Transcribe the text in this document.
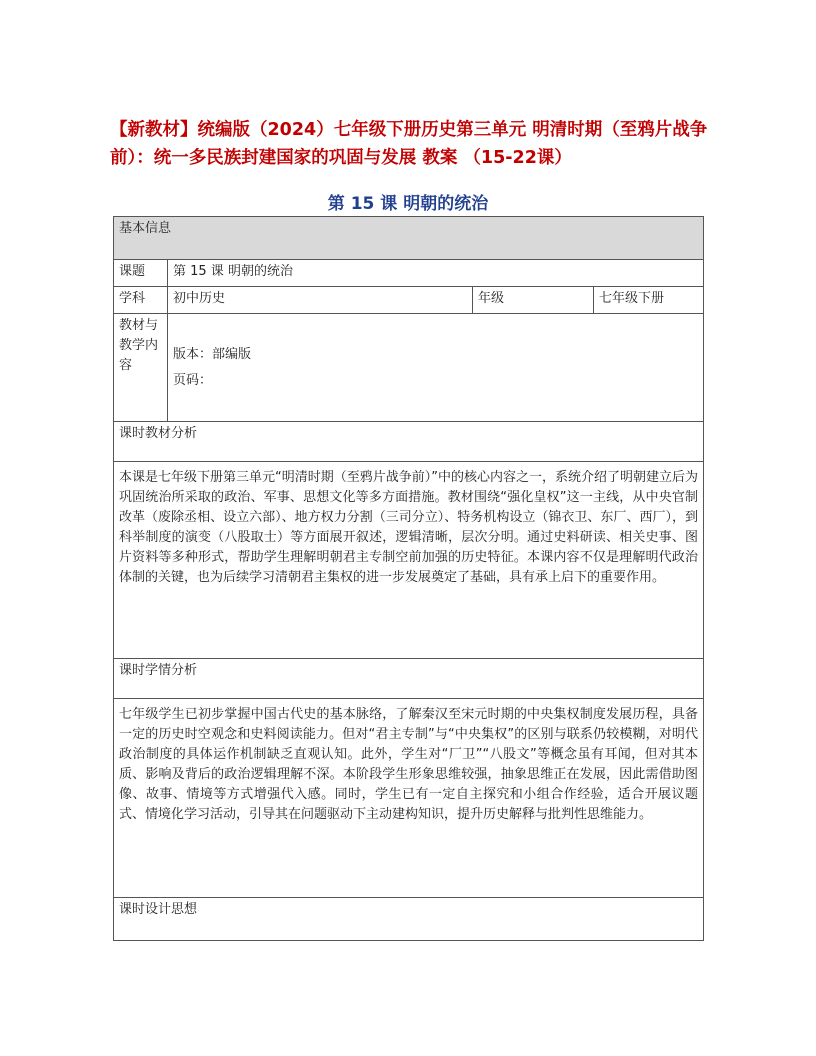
【新教材】统编版（2024）七年级下册历史第三单元 明清时期（至鸦片战争前）：统一多民族封建国家的巩固与发展 教案 （15-22课）
第 15 课 明朝的统治
基本信息			
课题	第 15 课 明朝的统治		
学科	初中历史	年级	七年级下册
教材与教学内容	版本：部编版
页码：		

课时教材分析			
本课是七年级下册第三单元“明清时期（至鸦片战争前）”中的核心内容之一，系统介绍了明朝建立后为巩固统治所采取的政治、军事、思想文化等多方面措施。教材围绕“强化皇权”这一主线，从中央官制改革（废除丞相、设立六部）、地方权力分割（三司分立）、特务机构设立（锦衣卫、东厂、西厂），到科举制度的演变（八股取士）等方面展开叙述，逻辑清晰，层次分明。通过史料研读、相关史事、图片资料等多种形式，帮助学生理解明朝君主专制空前加强的历史特征。本课内容不仅是理解明代政治体制的关键，也为后续学习清朝君主集权的进一步发展奠定了基础，具有承上启下的重要作用。			
课时学情分析			
七年级学生已初步掌握中国古代史的基本脉络，了解秦汉至宋元时期的中央集权制度发展历程，具备一定的历史时空观念和史料阅读能力。但对“君主专制”与“中央集权”的区别与联系仍较模糊，对明代政治制度的具体运作机制缺乏直观认知。此外，学生对“厂卫”“八股文”等概念虽有耳闻，但对其本质、影响及背后的政治逻辑理解不深。本阶段学生形象思维较强，抽象思维正在发展，因此需借助图像、故事、情境等方式增强代入感。同时，学生已有一定自主探究和小组合作经验，适合开展议题式、情境化学习活动，引导其在问题驱动下主动建构知识，提升历史解释与批判性思维能力。			
课时设计思想			
